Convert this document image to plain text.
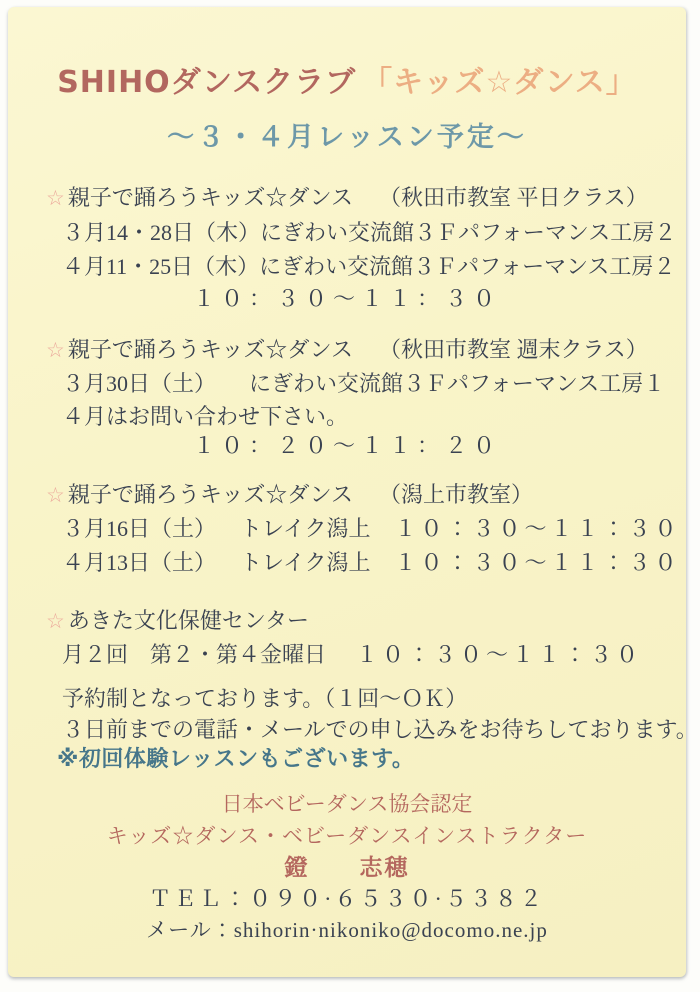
SHIHOダンスクラブ 「キッズ☆ダンス」
～３・４月レッスン予定～
☆ 親子で踊ろうキッズ☆ダンス （秋田市教室 平日クラス）
３月14・28日（木）にぎわい交流館３Ｆパフォーマンス工房２
４月11・25日（木）にぎわい交流館３Ｆパフォーマンス工房２
１０：３０～１１：３０
☆ 親子で踊ろうキッズ☆ダンス （秋田市教室 週末クラス）
３月30日（土）　　にぎわい交流館３Ｆパフォーマンス工房１
４月はお問い合わせ下さい。
１０：２０～１１：２０
☆ 親子で踊ろうキッズ☆ダンス （潟上市教室）
３月16日（土） トレイク潟上 １０：３０～１１：３０
４月13日（土） トレイク潟上 １０：３０～１１：３０
☆ あきた文化保健センター
月２回　第２・第４金曜日 １０：３０～１１：３０
予約制となっております。（１回～ＯＫ）
３日前までの電話・メールでの申し込みをお待ちしております。
※初回体験レッスンもございます。
日本ベビーダンス協会認定
キッズ☆ダンス・ベビーダンスインストラクター
鐙　　志穂
ＴＥＬ：０９０·６５３０·５３８２
メール：shihorin·nikoniko@docomo.ne.jp
